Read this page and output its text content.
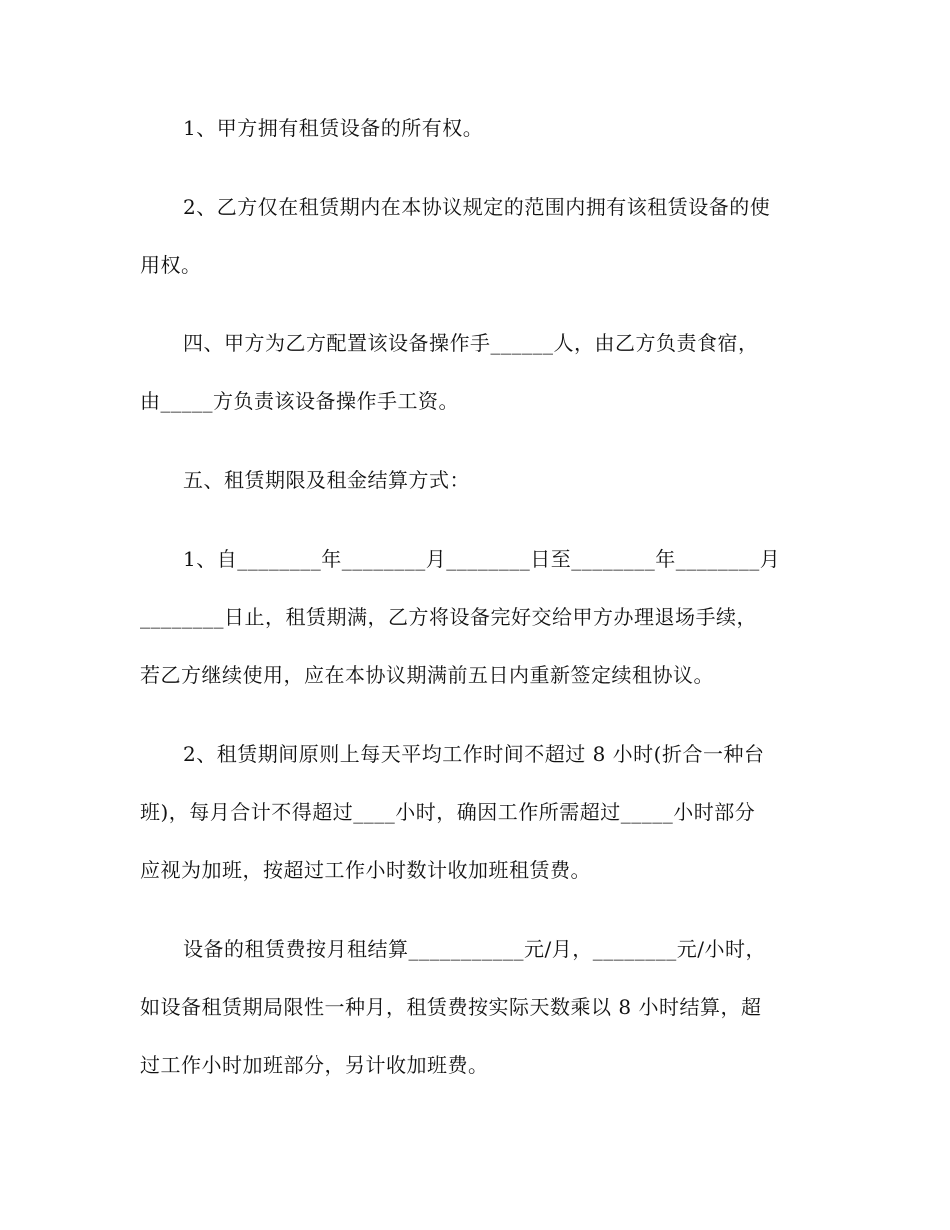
1、甲方拥有租赁设备的所有权。
2、乙方仅在租赁期内在本协议规定的范围内拥有该租赁设备的使
用权。
四、甲方为乙方配置该设备操作手______人，由乙方负责食宿，
由_____方负责该设备操作手工资。
五、租赁期限及租金结算方式：
1、自________年________月________日至________年________月
________日止，租赁期满，乙方将设备完好交给甲方办理退场手续，
若乙方继续使用，应在本协议期满前五日内重新签定续租协议。
2、租赁期间原则上每天平均工作时间不超过 8 小时(折合一种台
班)，每月合计不得超过____小时，确因工作所需超过_____小时部分
应视为加班，按超过工作小时数计收加班租赁费。
设备的租赁费按月租结算___________元/月，________元/小时，
如设备租赁期局限性一种月，租赁费按实际天数乘以 8 小时结算，超
过工作小时加班部分，另计收加班费。
